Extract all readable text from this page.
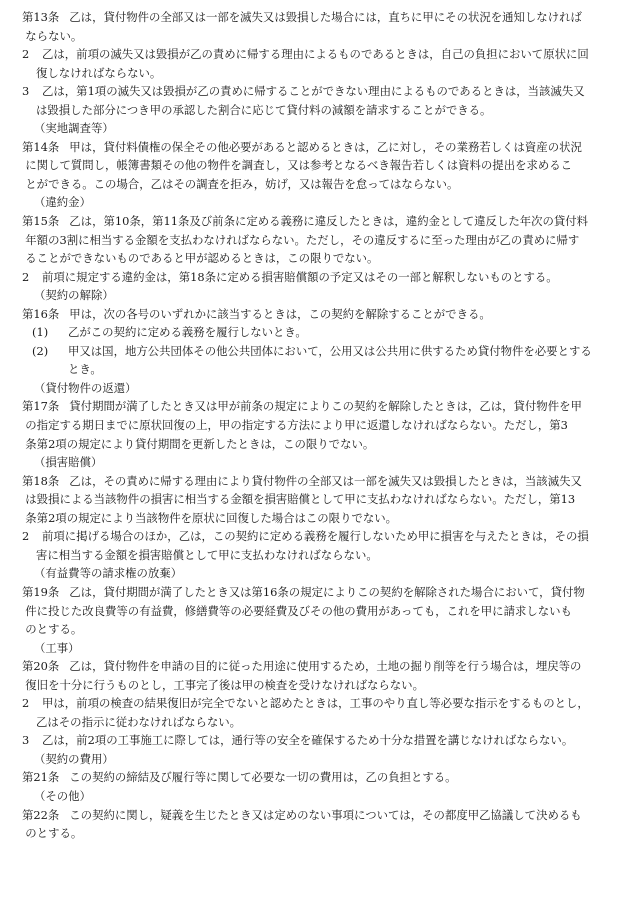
第13条 乙は，貸付物件の全部又は一部を滅失又は毀損した場合には，直ちに甲にその状況を通知しなければ
ならない。
2	乙は，前項の滅失又は毀損が乙の責めに帰する理由によるものであるときは，自己の負担において原状に回
復しなければならない。
3	乙は，第1項の滅失又は毀損が乙の責めに帰することができない理由によるものであるときは，当該滅失又
は毀損した部分につき甲の承認した割合に応じて貸付料の減額を請求することができる。
（実地調査等）
第14条 甲は，貸付料債権の保全その他必要があると認めるときは，乙に対し，その業務若しくは資産の状況
に関して質問し，帳簿書類その他の物件を調査し，又は参考となるべき報告若しくは資料の提出を求めるこ
とができる。この場合，乙はその調査を拒み，妨げ，又は報告を怠ってはならない。
（違約金）
第15条 乙は，第10条，第11条及び前条に定める義務に違反したときは，違約金として違反した年次の貸付料
年額の3割に相当する金額を支払わなければならない。ただし，その違反するに至った理由が乙の責めに帰す
ることができないものであると甲が認めるときは，この限りでない。
2	前項に規定する違約金は，第18条に定める損害賠償額の予定又はその一部と解釈しないものとする。
（契約の解除）
第16条 甲は，次の各号のいずれかに該当するときは，この契約を解除することができる。
(1)	乙がこの契約に定める義務を履行しないとき。
(2)	甲又は国，地方公共団体その他公共団体において，公用又は公共用に供するため貸付物件を必要とする
とき。
（貸付物件の返還）
第17条 貸付期間が満了したとき又は甲が前条の規定によりこの契約を解除したときは，乙は，貸付物件を甲
の指定する期日までに原状回復の上，甲の指定する方法により甲に返還しなければならない。ただし，第3
条第2項の規定により貸付期間を更新したときは，この限りでない。
（損害賠償）
第18条 乙は，その責めに帰する理由により貸付物件の全部又は一部を滅失又は毀損したときは，当該滅失又
は毀損による当該物件の損害に相当する金額を損害賠償として甲に支払わなければならない。ただし，第13
条第2項の規定により当該物件を原状に回復した場合はこの限りでない。
2	前項に掲げる場合のほか，乙は，この契約に定める義務を履行しないため甲に損害を与えたときは，その損
害に相当する金額を損害賠償として甲に支払わなければならない。
（有益費等の請求権の放棄）
第19条 乙は，貸付期間が満了したとき又は第16条の規定によりこの契約を解除された場合において，貸付物
件に投じた改良費等の有益費，修繕費等の必要経費及びその他の費用があっても，これを甲に請求しないも
のとする。
（工事）
第20条 乙は，貸付物件を申請の目的に従った用途に使用するため，土地の掘り削等を行う場合は，埋戻等の
復旧を十分に行うものとし，工事完了後は甲の検査を受けなければならない。
2	甲は，前項の検査の結果復旧が完全でないと認めたときは，工事のやり直し等必要な指示をするものとし，
乙はその指示に従わなければならない。
3	乙は，前2項の工事施工に際しては，通行等の安全を確保するため十分な措置を講じなければならない。
（契約の費用）
第21条 この契約の締結及び履行等に関して必要な一切の費用は，乙の負担とする。
（その他）
第22条 この契約に関し，疑義を生じたとき又は定めのない事項については，その都度甲乙協議して決めるも
のとする。
